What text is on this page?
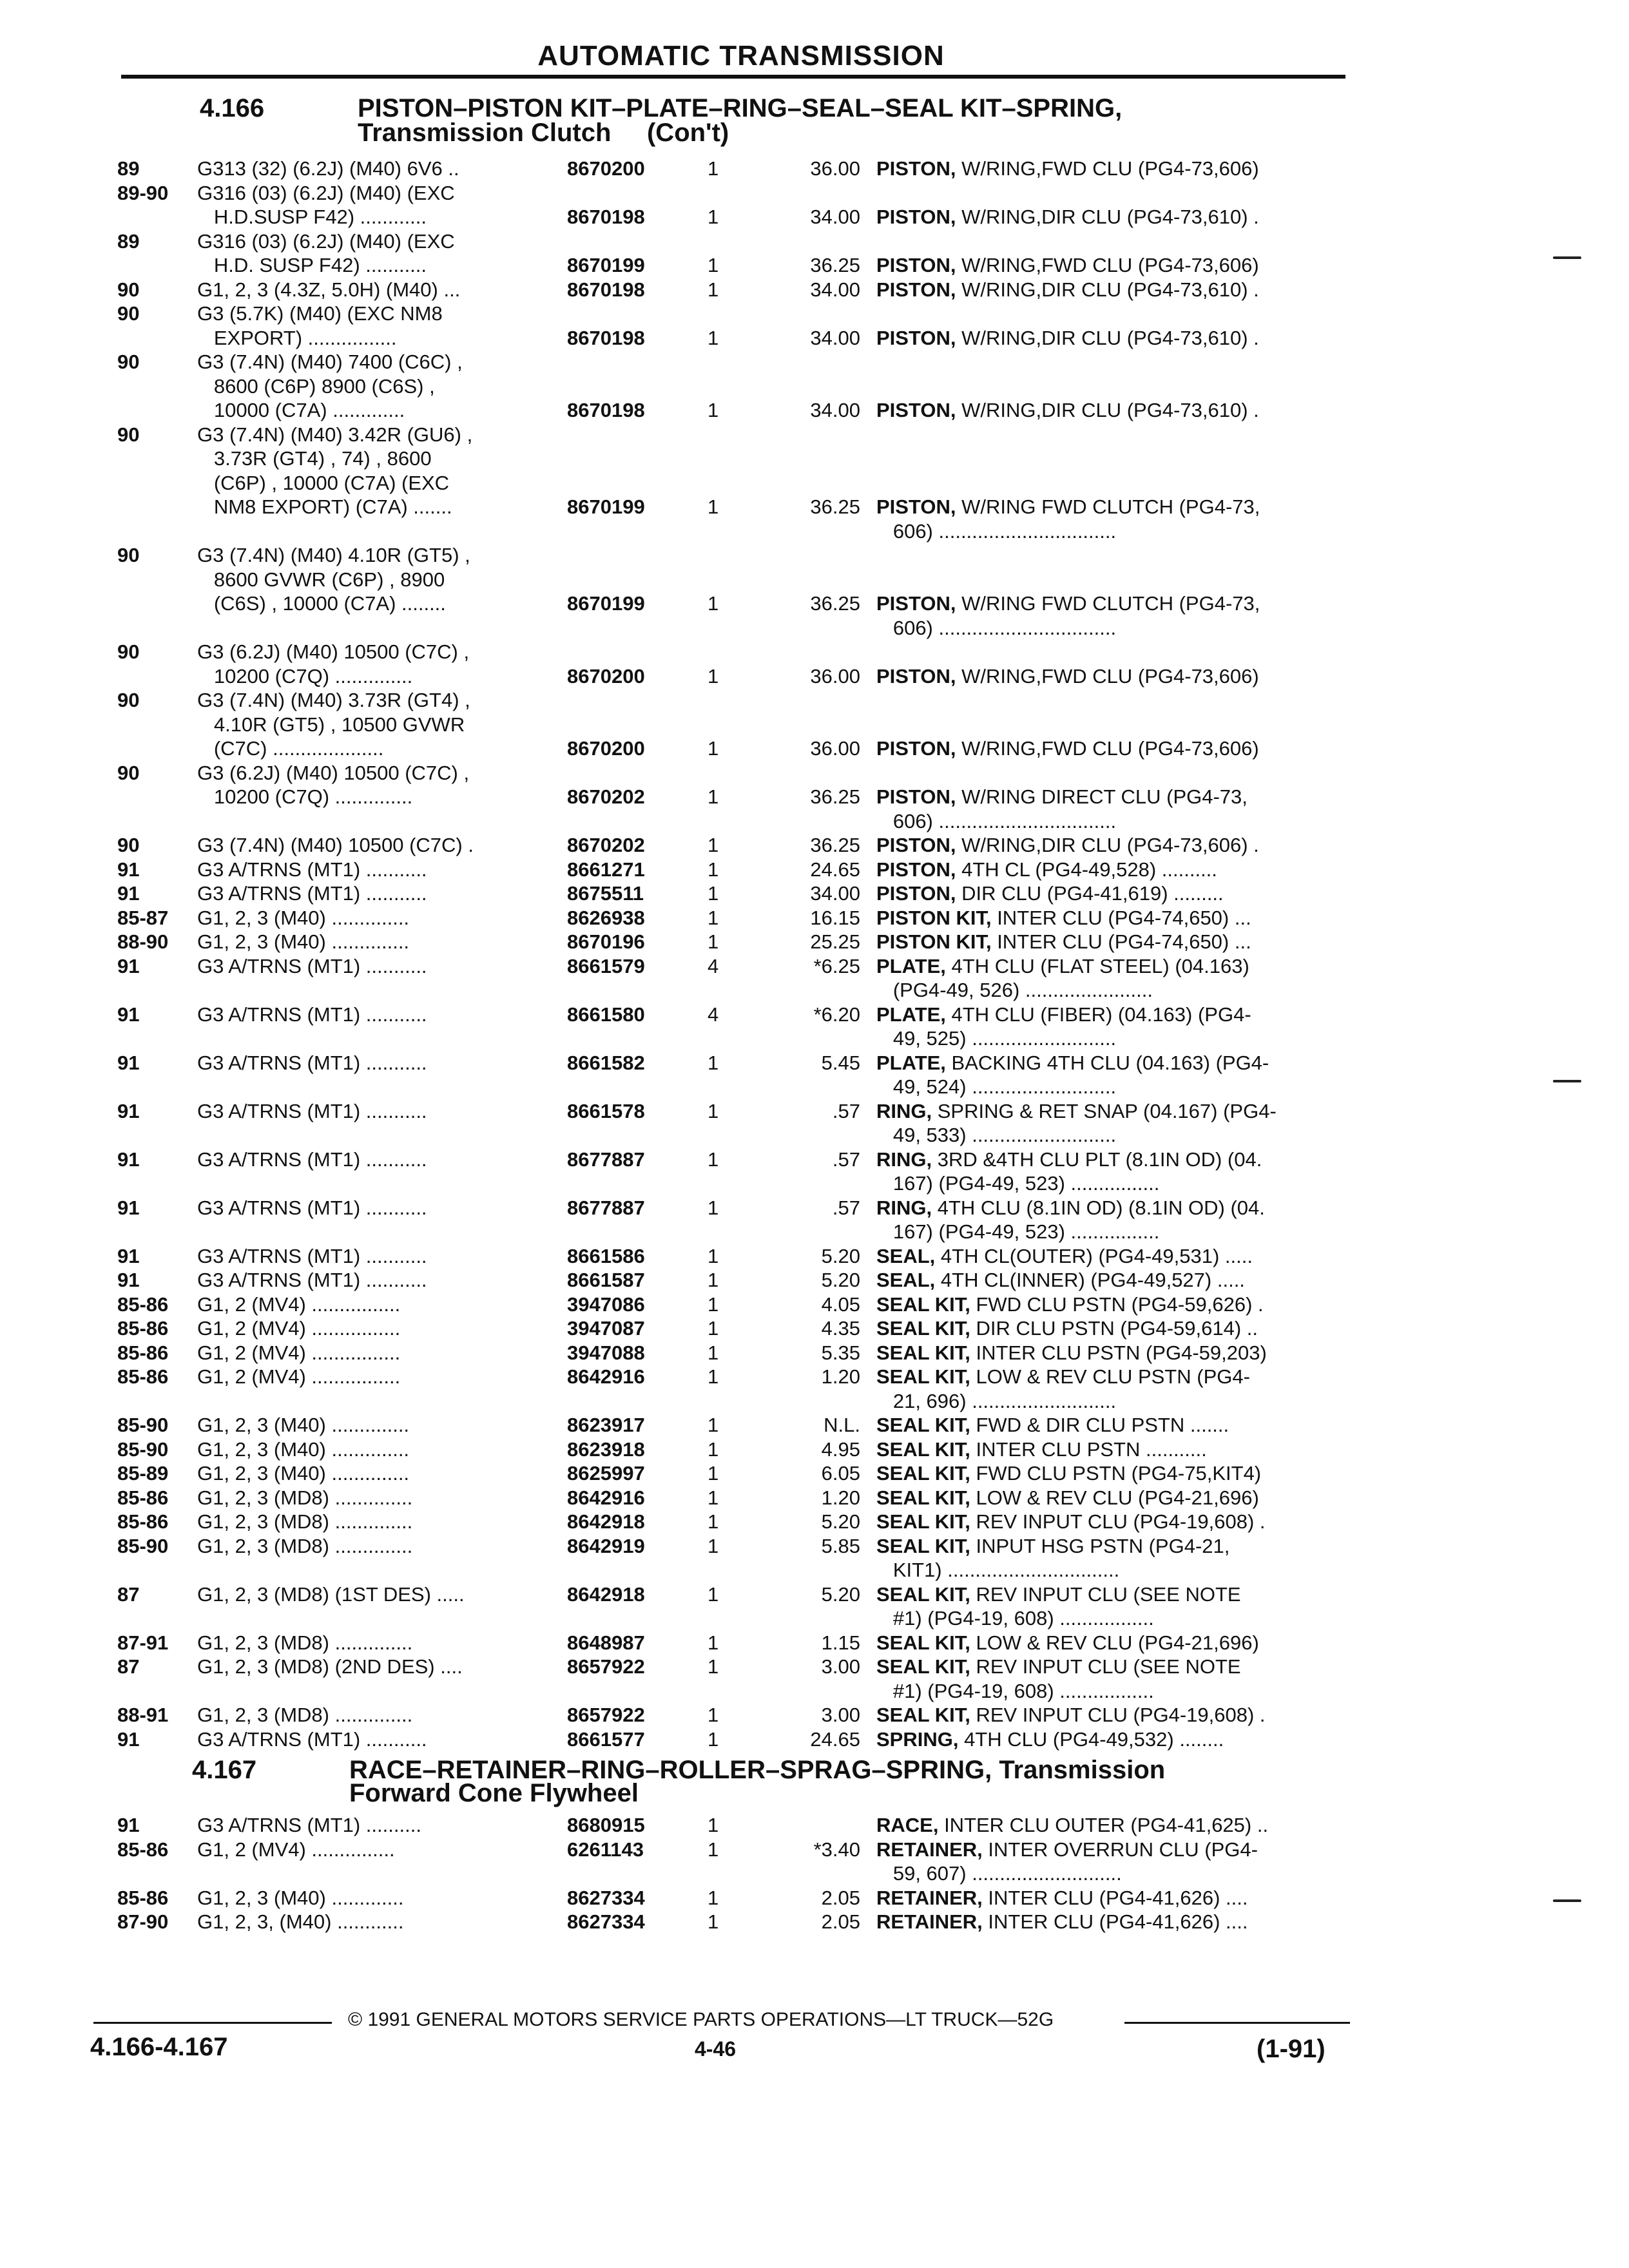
AUTOMATIC TRANSMISSION
4.166	PISTON–PISTON KIT–PLATE–RING–SEAL–SEAL KIT–SPRING,
Transmission Clutch     (Con't)
89	G313 (32) (6.2J) (M40) 6V6 ..	8670200	1	36.00 PISTON, W/RING,FWD CLU (PG4-73,606)
89-90 G316 (03) (6.2J) (M40) (EXC
H.D.SUSP F42) ............	8670198	1	34.00 PISTON, W/RING,DIR CLU (PG4-73,610) .
89	G316 (03) (6.2J) (M40) (EXC
H.D. SUSP F42) ...........	8670199	1	36.25 PISTON, W/RING,FWD CLU (PG4-73,606)
90	G1, 2, 3 (4.3Z, 5.0H) (M40) ...	8670198	1	34.00 PISTON, W/RING,DIR CLU (PG4-73,610) .
90	G3 (5.7K) (M40) (EXC NM8
EXPORT) ................	8670198	1	34.00 PISTON, W/RING,DIR CLU (PG4-73,610) .
90	G3 (7.4N) (M40) 7400 (C6C) ,
8600 (C6P) 8900 (C6S) ,
10000 (C7A) .............	8670198	1	34.00 PISTON, W/RING,DIR CLU (PG4-73,610) .
90	G3 (7.4N) (M40) 3.42R (GU6) ,
3.73R (GT4) , 74) , 8600
(C6P) , 10000 (C7A) (EXC
NM8 EXPORT) (C7A) .......	8670199	1	36.25 PISTON, W/RING FWD CLUTCH (PG4-73,
606) ................................
90	G3 (7.4N) (M40) 4.10R (GT5) ,
8600 GVWR (C6P) , 8900
(C6S) , 10000 (C7A) ........	8670199	1	36.25 PISTON, W/RING FWD CLUTCH (PG4-73,
606) ................................
90	G3 (6.2J) (M40) 10500 (C7C) ,
10200 (C7Q) ..............	8670200	1	36.00 PISTON, W/RING,FWD CLU (PG4-73,606)
90	G3 (7.4N) (M40) 3.73R (GT4) ,
4.10R (GT5) , 10500 GVWR
(C7C) ....................	8670200	1	36.00 PISTON, W/RING,FWD CLU (PG4-73,606)
90	G3 (6.2J) (M40) 10500 (C7C) ,
10200 (C7Q) ..............	8670202	1	36.25 PISTON, W/RING DIRECT CLU (PG4-73,
606) ................................
90	G3 (7.4N) (M40) 10500 (C7C) .	8670202	1	36.25 PISTON, W/RING,DIR CLU (PG4-73,606) .
91	G3 A/TRNS (MT1) ...........	8661271	1	24.65 PISTON, 4TH CL (PG4-49,528) ..........
91	G3 A/TRNS (MT1) ...........	8675511	1	34.00 PISTON, DIR CLU (PG4-41,619) .........
85-87 G1, 2, 3 (M40) ..............	8626938	1	16.15 PISTON KIT, INTER CLU (PG4-74,650) ...
88-90 G1, 2, 3 (M40) ..............	8670196	1	25.25 PISTON KIT, INTER CLU (PG4-74,650) ...
91	G3 A/TRNS (MT1) ...........	8661579	4	*6.25 PLATE, 4TH CLU (FLAT STEEL) (04.163)
(PG4-49, 526) .......................
91	G3 A/TRNS (MT1) ...........	8661580	4	*6.20 PLATE, 4TH CLU (FIBER) (04.163) (PG4-
49, 525) ..........................
91	G3 A/TRNS (MT1) ...........	8661582	1	5.45 PLATE, BACKING 4TH CLU (04.163) (PG4-
49, 524) ..........................
91	G3 A/TRNS (MT1) ...........	8661578	1	.57 RING, SPRING & RET SNAP (04.167) (PG4-
49, 533) ..........................
91	G3 A/TRNS (MT1) ...........	8677887	1	.57 RING, 3RD &4TH CLU PLT (8.1IN OD) (04.
167) (PG4-49, 523) ................
91	G3 A/TRNS (MT1) ...........	8677887	1	.57 RING, 4TH CLU (8.1IN OD) (8.1IN OD) (04.
167) (PG4-49, 523) ................
91	G3 A/TRNS (MT1) ...........	8661586	1	5.20 SEAL, 4TH CL(OUTER) (PG4-49,531) .....
91	G3 A/TRNS (MT1) ...........	8661587	1	5.20 SEAL, 4TH CL(INNER) (PG4-49,527) .....
85-86 G1, 2 (MV4) ................	3947086	1	4.05 SEAL KIT, FWD CLU PSTN (PG4-59,626) .
85-86 G1, 2 (MV4) ................	3947087	1	4.35 SEAL KIT, DIR CLU PSTN (PG4-59,614) ..
85-86 G1, 2 (MV4) ................	3947088	1	5.35 SEAL KIT, INTER CLU PSTN (PG4-59,203)
85-86 G1, 2 (MV4) ................	8642916	1	1.20 SEAL KIT, LOW & REV CLU PSTN (PG4-
21, 696) ..........................
85-90 G1, 2, 3 (M40) ..............	8623917	1	N.L. SEAL KIT, FWD & DIR CLU PSTN .......
85-90 G1, 2, 3 (M40) ..............	8623918	1	4.95 SEAL KIT, INTER CLU PSTN ...........
85-89 G1, 2, 3 (M40) ..............	8625997	1	6.05 SEAL KIT, FWD CLU PSTN (PG4-75,KIT4)
85-86 G1, 2, 3 (MD8) ..............	8642916	1	1.20 SEAL KIT, LOW & REV CLU (PG4-21,696)
85-86 G1, 2, 3 (MD8) ..............	8642918	1	5.20 SEAL KIT, REV INPUT CLU (PG4-19,608) .
85-90 G1, 2, 3 (MD8) ..............	8642919	1	5.85 SEAL KIT, INPUT HSG PSTN (PG4-21,
KIT1) ...............................
87	G1, 2, 3 (MD8) (1ST DES) .....	8642918	1	5.20 SEAL KIT, REV INPUT CLU (SEE NOTE
#1) (PG4-19, 608) .................
87-91 G1, 2, 3 (MD8) ..............	8648987	1	1.15 SEAL KIT, LOW & REV CLU (PG4-21,696)
87	G1, 2, 3 (MD8) (2ND DES) ....	8657922	1	3.00 SEAL KIT, REV INPUT CLU (SEE NOTE
#1) (PG4-19, 608) .................
88-91 G1, 2, 3 (MD8) ..............	8657922	1	3.00 SEAL KIT, REV INPUT CLU (PG4-19,608) .
91	G3 A/TRNS (MT1) ...........	8661577	1	24.65 SPRING, 4TH CLU (PG4-49,532) ........
4.167	RACE–RETAINER–RING–ROLLER–SPRAG–SPRING, Transmission
Forward Cone Flywheel
91	G3 A/TRNS (MT1) ..........	8680915	1	RACE, INTER CLU OUTER (PG4-41,625) ..
85-86 G1, 2 (MV4) ...............	6261143	1	*3.40 RETAINER, INTER OVERRUN CLU (PG4-
59, 607) ...........................
85-86 G1, 2, 3 (M40) .............	8627334	1	2.05 RETAINER, INTER CLU (PG4-41,626) ....
87-90 G1, 2, 3, (M40) ............	8627334	1	2.05 RETAINER, INTER CLU (PG4-41,626) ....
© 1991 GENERAL MOTORS SERVICE PARTS OPERATIONS—LT TRUCK—52G
4.166-4.167	4-46	(1-91)
